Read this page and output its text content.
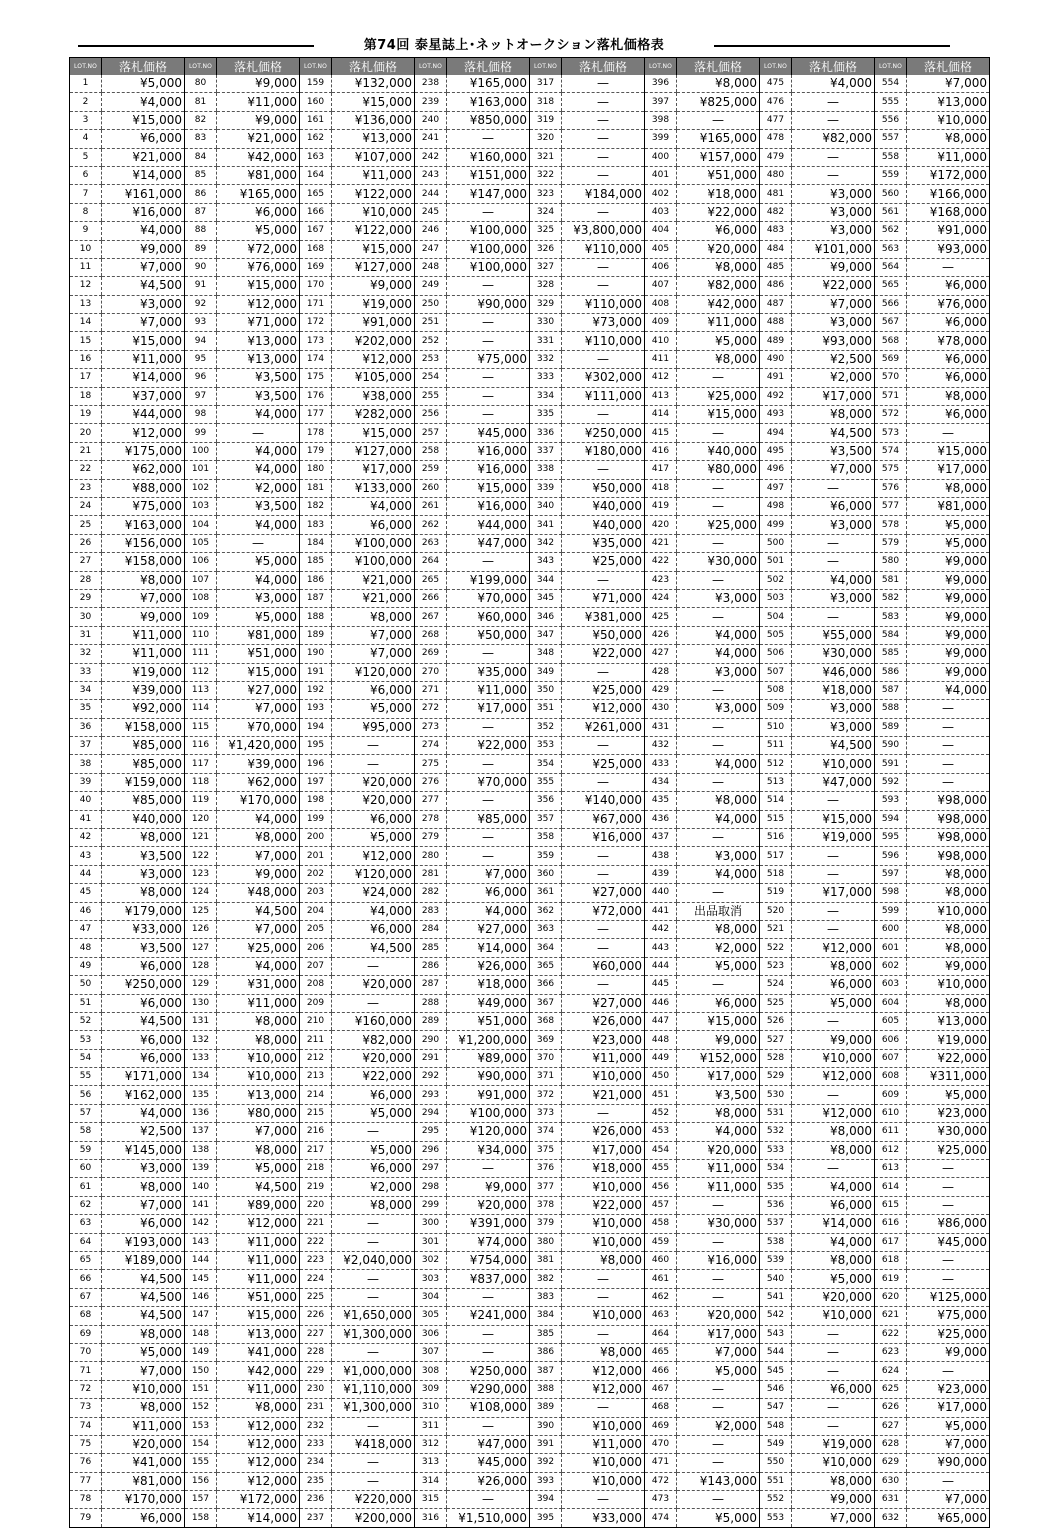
第74回 泰星誌上･ネットオークション落札価格表
LOT.NO	落札価格	LOT.NO	落札価格	LOT.NO	落札価格	LOT.NO	落札価格	LOT.NO	落札価格	LOT.NO	落札価格	LOT.NO	落札価格	LOT.NO	落札価格
1	¥5,000	80	¥9,000	159	¥132,000	238	¥165,000	317	—	396	¥8,000	475	¥4,000	554	¥7,000
2	¥4,000	81	¥11,000	160	¥15,000	239	¥163,000	318	—	397	¥825,000	476	—	555	¥13,000
3	¥15,000	82	¥9,000	161	¥136,000	240	¥850,000	319	—	398	—	477	—	556	¥10,000
4	¥6,000	83	¥21,000	162	¥13,000	241	—	320	—	399	¥165,000	478	¥82,000	557	¥8,000
5	¥21,000	84	¥42,000	163	¥107,000	242	¥160,000	321	—	400	¥157,000	479	—	558	¥11,000
6	¥14,000	85	¥81,000	164	¥11,000	243	¥151,000	322	—	401	¥51,000	480	—	559	¥172,000
7	¥161,000	86	¥165,000	165	¥122,000	244	¥147,000	323	¥184,000	402	¥18,000	481	¥3,000	560	¥166,000
8	¥16,000	87	¥6,000	166	¥10,000	245	—	324	—	403	¥22,000	482	¥3,000	561	¥168,000
9	¥4,000	88	¥5,000	167	¥122,000	246	¥100,000	325	¥3,800,000	404	¥6,000	483	¥3,000	562	¥91,000
10	¥9,000	89	¥72,000	168	¥15,000	247	¥100,000	326	¥110,000	405	¥20,000	484	¥101,000	563	¥93,000
11	¥7,000	90	¥76,000	169	¥127,000	248	¥100,000	327	—	406	¥8,000	485	¥9,000	564	—
12	¥4,500	91	¥15,000	170	¥9,000	249	—	328	—	407	¥82,000	486	¥22,000	565	¥6,000
13	¥3,000	92	¥12,000	171	¥19,000	250	¥90,000	329	¥110,000	408	¥42,000	487	¥7,000	566	¥76,000
14	¥7,000	93	¥71,000	172	¥91,000	251	—	330	¥73,000	409	¥11,000	488	¥3,000	567	¥6,000
15	¥15,000	94	¥13,000	173	¥202,000	252	—	331	¥110,000	410	¥5,000	489	¥93,000	568	¥78,000
16	¥11,000	95	¥13,000	174	¥12,000	253	¥75,000	332	—	411	¥8,000	490	¥2,500	569	¥6,000
17	¥14,000	96	¥3,500	175	¥105,000	254	—	333	¥302,000	412	—	491	¥2,000	570	¥6,000
18	¥37,000	97	¥3,500	176	¥38,000	255	—	334	¥111,000	413	¥25,000	492	¥17,000	571	¥8,000
19	¥44,000	98	¥4,000	177	¥282,000	256	—	335	—	414	¥15,000	493	¥8,000	572	¥6,000
20	¥12,000	99	—	178	¥15,000	257	¥45,000	336	¥250,000	415	—	494	¥4,500	573	—
21	¥175,000	100	¥4,000	179	¥127,000	258	¥16,000	337	¥180,000	416	¥40,000	495	¥3,500	574	¥15,000
22	¥62,000	101	¥4,000	180	¥17,000	259	¥16,000	338	—	417	¥80,000	496	¥7,000	575	¥17,000
23	¥88,000	102	¥2,000	181	¥133,000	260	¥15,000	339	¥50,000	418	—	497	—	576	¥8,000
24	¥75,000	103	¥3,500	182	¥4,000	261	¥16,000	340	¥40,000	419	—	498	¥6,000	577	¥81,000
25	¥163,000	104	¥4,000	183	¥6,000	262	¥44,000	341	¥40,000	420	¥25,000	499	¥3,000	578	¥5,000
26	¥156,000	105	—	184	¥100,000	263	¥47,000	342	¥35,000	421	—	500	—	579	¥5,000
27	¥158,000	106	¥5,000	185	¥100,000	264	—	343	¥25,000	422	¥30,000	501	—	580	¥9,000
28	¥8,000	107	¥4,000	186	¥21,000	265	¥199,000	344	—	423	—	502	¥4,000	581	¥9,000
29	¥7,000	108	¥3,000	187	¥21,000	266	¥70,000	345	¥71,000	424	¥3,000	503	¥3,000	582	¥9,000
30	¥9,000	109	¥5,000	188	¥8,000	267	¥60,000	346	¥381,000	425	—	504	—	583	¥9,000
31	¥11,000	110	¥81,000	189	¥7,000	268	¥50,000	347	¥50,000	426	¥4,000	505	¥55,000	584	¥9,000
32	¥11,000	111	¥51,000	190	¥7,000	269	—	348	¥22,000	427	¥4,000	506	¥30,000	585	¥9,000
33	¥19,000	112	¥15,000	191	¥120,000	270	¥35,000	349	—	428	¥3,000	507	¥46,000	586	¥9,000
34	¥39,000	113	¥27,000	192	¥6,000	271	¥11,000	350	¥25,000	429	—	508	¥18,000	587	¥4,000
35	¥92,000	114	¥7,000	193	¥5,000	272	¥17,000	351	¥12,000	430	¥3,000	509	¥3,000	588	—
36	¥158,000	115	¥70,000	194	¥95,000	273	—	352	¥261,000	431	—	510	¥3,000	589	—
37	¥85,000	116	¥1,420,000	195	—	274	¥22,000	353	—	432	—	511	¥4,500	590	—
38	¥85,000	117	¥39,000	196	—	275	—	354	¥25,000	433	¥4,000	512	¥10,000	591	—
39	¥159,000	118	¥62,000	197	¥20,000	276	¥70,000	355	—	434	—	513	¥47,000	592	—
40	¥85,000	119	¥170,000	198	¥20,000	277	—	356	¥140,000	435	¥8,000	514	—	593	¥98,000
41	¥40,000	120	¥4,000	199	¥6,000	278	¥85,000	357	¥67,000	436	¥4,000	515	¥15,000	594	¥98,000
42	¥8,000	121	¥8,000	200	¥5,000	279	—	358	¥16,000	437	—	516	¥19,000	595	¥98,000
43	¥3,500	122	¥7,000	201	¥12,000	280	—	359	—	438	¥3,000	517	—	596	¥98,000
44	¥3,000	123	¥9,000	202	¥120,000	281	¥7,000	360	—	439	¥4,000	518	—	597	¥8,000
45	¥8,000	124	¥48,000	203	¥24,000	282	¥6,000	361	¥27,000	440	—	519	¥17,000	598	¥8,000
46	¥179,000	125	¥4,500	204	¥4,000	283	¥4,000	362	¥72,000	441	出品取消	520	—	599	¥10,000
47	¥33,000	126	¥7,000	205	¥6,000	284	¥27,000	363	—	442	¥8,000	521	—	600	¥8,000
48	¥3,500	127	¥25,000	206	¥4,500	285	¥14,000	364	—	443	¥2,000	522	¥12,000	601	¥8,000
49	¥6,000	128	¥4,000	207	—	286	¥26,000	365	¥60,000	444	¥5,000	523	¥8,000	602	¥9,000
50	¥250,000	129	¥31,000	208	¥20,000	287	¥18,000	366	—	445	—	524	¥6,000	603	¥10,000
51	¥6,000	130	¥11,000	209	—	288	¥49,000	367	¥27,000	446	¥6,000	525	¥5,000	604	¥8,000
52	¥4,500	131	¥8,000	210	¥160,000	289	¥51,000	368	¥26,000	447	¥15,000	526	—	605	¥13,000
53	¥6,000	132	¥8,000	211	¥82,000	290	¥1,200,000	369	¥23,000	448	¥9,000	527	¥9,000	606	¥19,000
54	¥6,000	133	¥10,000	212	¥20,000	291	¥89,000	370	¥11,000	449	¥152,000	528	¥10,000	607	¥22,000
55	¥171,000	134	¥10,000	213	¥22,000	292	¥90,000	371	¥10,000	450	¥17,000	529	¥12,000	608	¥311,000
56	¥162,000	135	¥13,000	214	¥6,000	293	¥91,000	372	¥21,000	451	¥3,500	530	—	609	¥5,000
57	¥4,000	136	¥80,000	215	¥5,000	294	¥100,000	373	—	452	¥8,000	531	¥12,000	610	¥23,000
58	¥2,500	137	¥7,000	216	—	295	¥120,000	374	¥26,000	453	¥4,000	532	¥8,000	611	¥30,000
59	¥145,000	138	¥8,000	217	¥5,000	296	¥34,000	375	¥17,000	454	¥20,000	533	¥8,000	612	¥25,000
60	¥3,000	139	¥5,000	218	¥6,000	297	—	376	¥18,000	455	¥11,000	534	—	613	—
61	¥8,000	140	¥4,500	219	¥2,000	298	¥9,000	377	¥10,000	456	¥11,000	535	¥4,000	614	—
62	¥7,000	141	¥89,000	220	¥8,000	299	¥20,000	378	¥22,000	457	—	536	¥6,000	615	—
63	¥6,000	142	¥12,000	221	—	300	¥391,000	379	¥10,000	458	¥30,000	537	¥14,000	616	¥86,000
64	¥193,000	143	¥11,000	222	—	301	¥74,000	380	¥10,000	459	—	538	¥4,000	617	¥45,000
65	¥189,000	144	¥11,000	223	¥2,040,000	302	¥754,000	381	¥8,000	460	¥16,000	539	¥8,000	618	—
66	¥4,500	145	¥11,000	224	—	303	¥837,000	382	—	461	—	540	¥5,000	619	—
67	¥4,500	146	¥51,000	225	—	304	—	383	—	462	—	541	¥20,000	620	¥125,000
68	¥4,500	147	¥15,000	226	¥1,650,000	305	¥241,000	384	¥10,000	463	¥20,000	542	¥10,000	621	¥75,000
69	¥8,000	148	¥13,000	227	¥1,300,000	306	—	385	—	464	¥17,000	543	—	622	¥25,000
70	¥5,000	149	¥41,000	228	—	307	—	386	¥8,000	465	¥7,000	544	—	623	¥9,000
71	¥7,000	150	¥42,000	229	¥1,000,000	308	¥250,000	387	¥12,000	466	¥5,000	545	—	624	—
72	¥10,000	151	¥11,000	230	¥1,110,000	309	¥290,000	388	¥12,000	467	—	546	¥6,000	625	¥23,000
73	¥8,000	152	¥8,000	231	¥1,300,000	310	¥108,000	389	—	468	—	547	—	626	¥17,000
74	¥11,000	153	¥12,000	232	—	311	—	390	¥10,000	469	¥2,000	548	—	627	¥5,000
75	¥20,000	154	¥12,000	233	¥418,000	312	¥47,000	391	¥11,000	470	—	549	¥19,000	628	¥7,000
76	¥41,000	155	¥12,000	234	—	313	¥45,000	392	¥10,000	471	—	550	¥10,000	629	¥90,000
77	¥81,000	156	¥12,000	235	—	314	¥26,000	393	¥10,000	472	¥143,000	551	¥8,000	630	—
78	¥170,000	157	¥172,000	236	¥220,000	315	—	394	—	473	—	552	¥9,000	631	¥7,000
79	¥6,000	158	¥14,000	237	¥200,000	316	¥1,510,000	395	¥33,000	474	¥5,000	553	¥7,000	632	¥65,000
